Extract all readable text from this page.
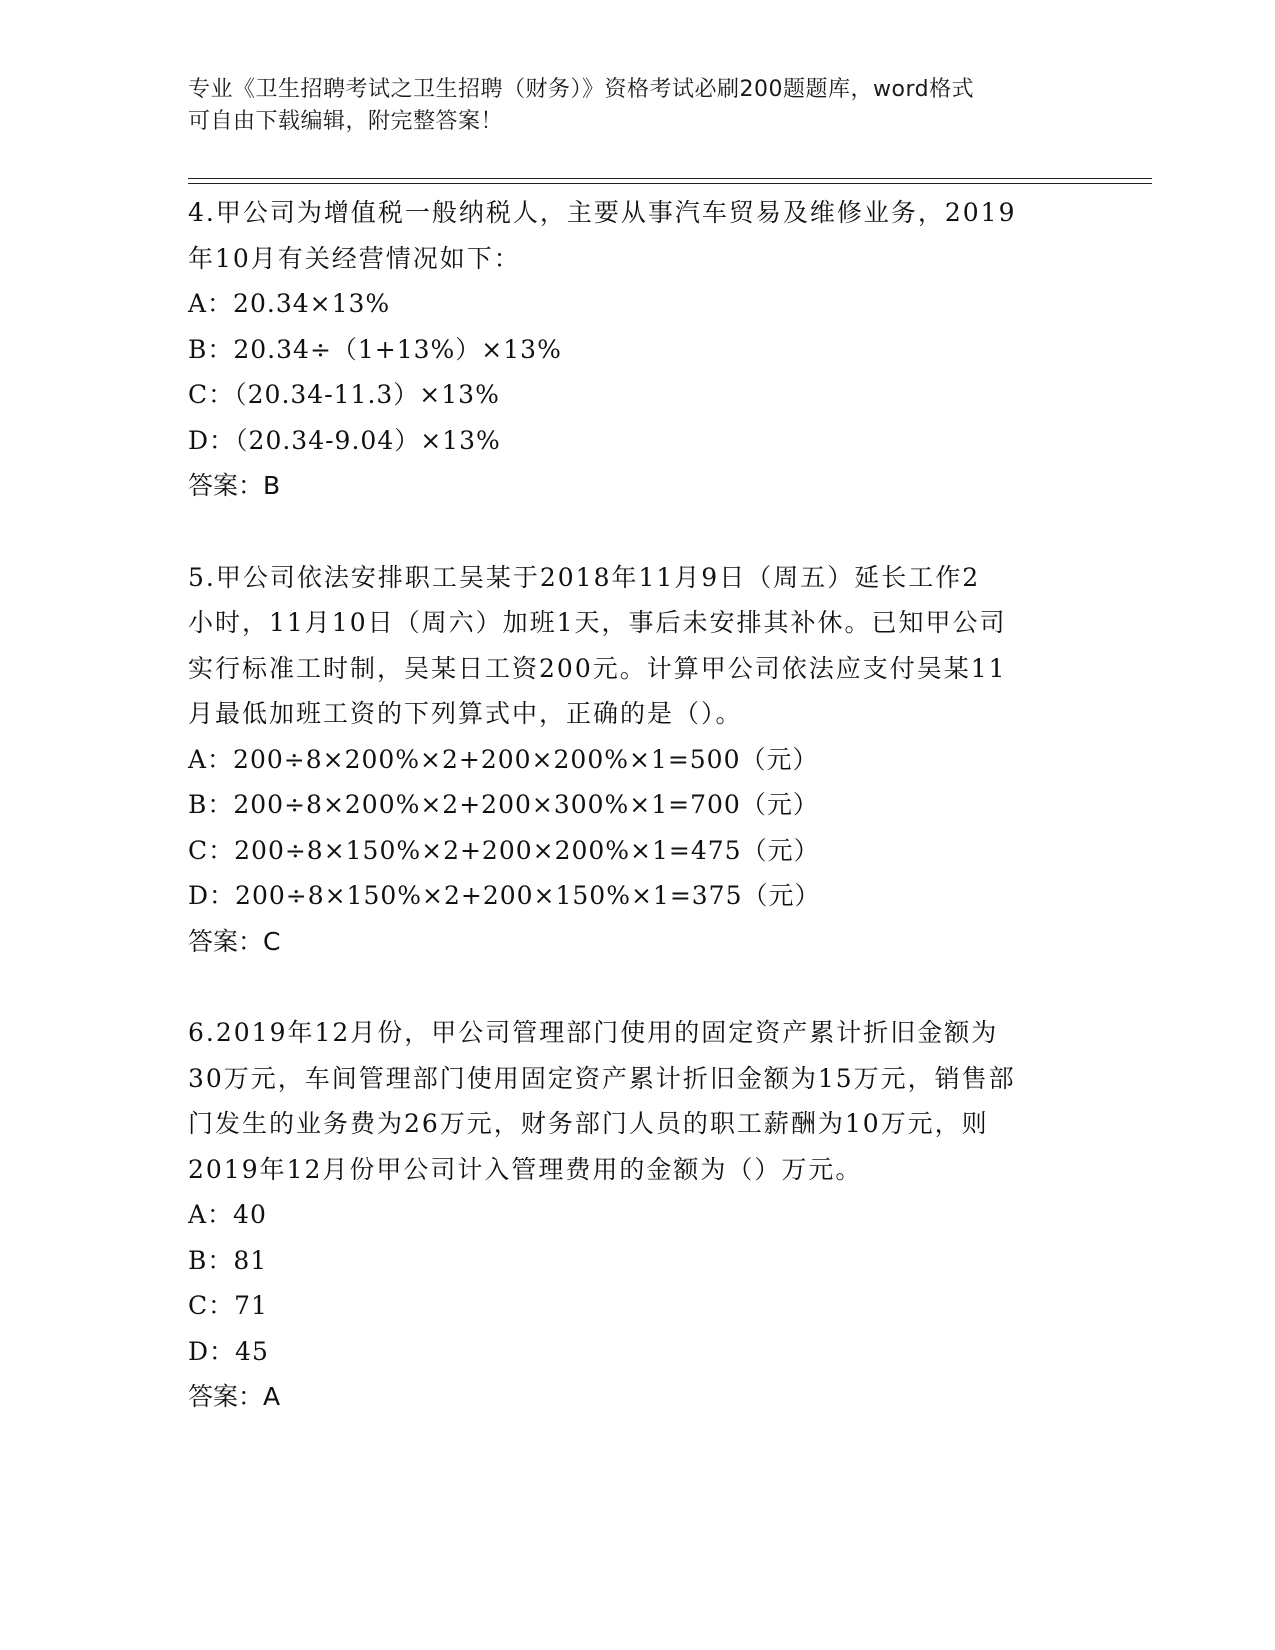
专业《卫生招聘考试之卫生招聘（财务）》资格考试必刷200题题库，word格式
可自由下载编辑，附完整答案！
4.甲公司为增值税一般纳税人，主要从事汽车贸易及维修业务，2019
年10月有关经营情况如下：
A：20.34×13%
B：20.34÷（1+13%）×13%
C：（20.34-11.3）×13%
D：（20.34-9.04）×13%
答案：B
5.甲公司依法安排职工吴某于2018年11月9日（周五）延长工作2
小时，11月10日（周六）加班1天，事后未安排其补休。已知甲公司
实行标准工时制，吴某日工资200元。计算甲公司依法应支付吴某11
月最低加班工资的下列算式中，正确的是（）。
A：200÷8×200%×2+200×200%×1=500（元）
B：200÷8×200%×2+200×300%×1=700（元）
C：200÷8×150%×2+200×200%×1=475（元）
D：200÷8×150%×2+200×150%×1=375（元）
答案：C
6.2019年12月份，甲公司管理部门使用的固定资产累计折旧金额为
30万元，车间管理部门使用固定资产累计折旧金额为15万元，销售部
门发生的业务费为26万元，财务部门人员的职工薪酬为10万元，则
2019年12月份甲公司计入管理费用的金额为（）万元。
A：40
B：81
C：71
D：45
答案：A
